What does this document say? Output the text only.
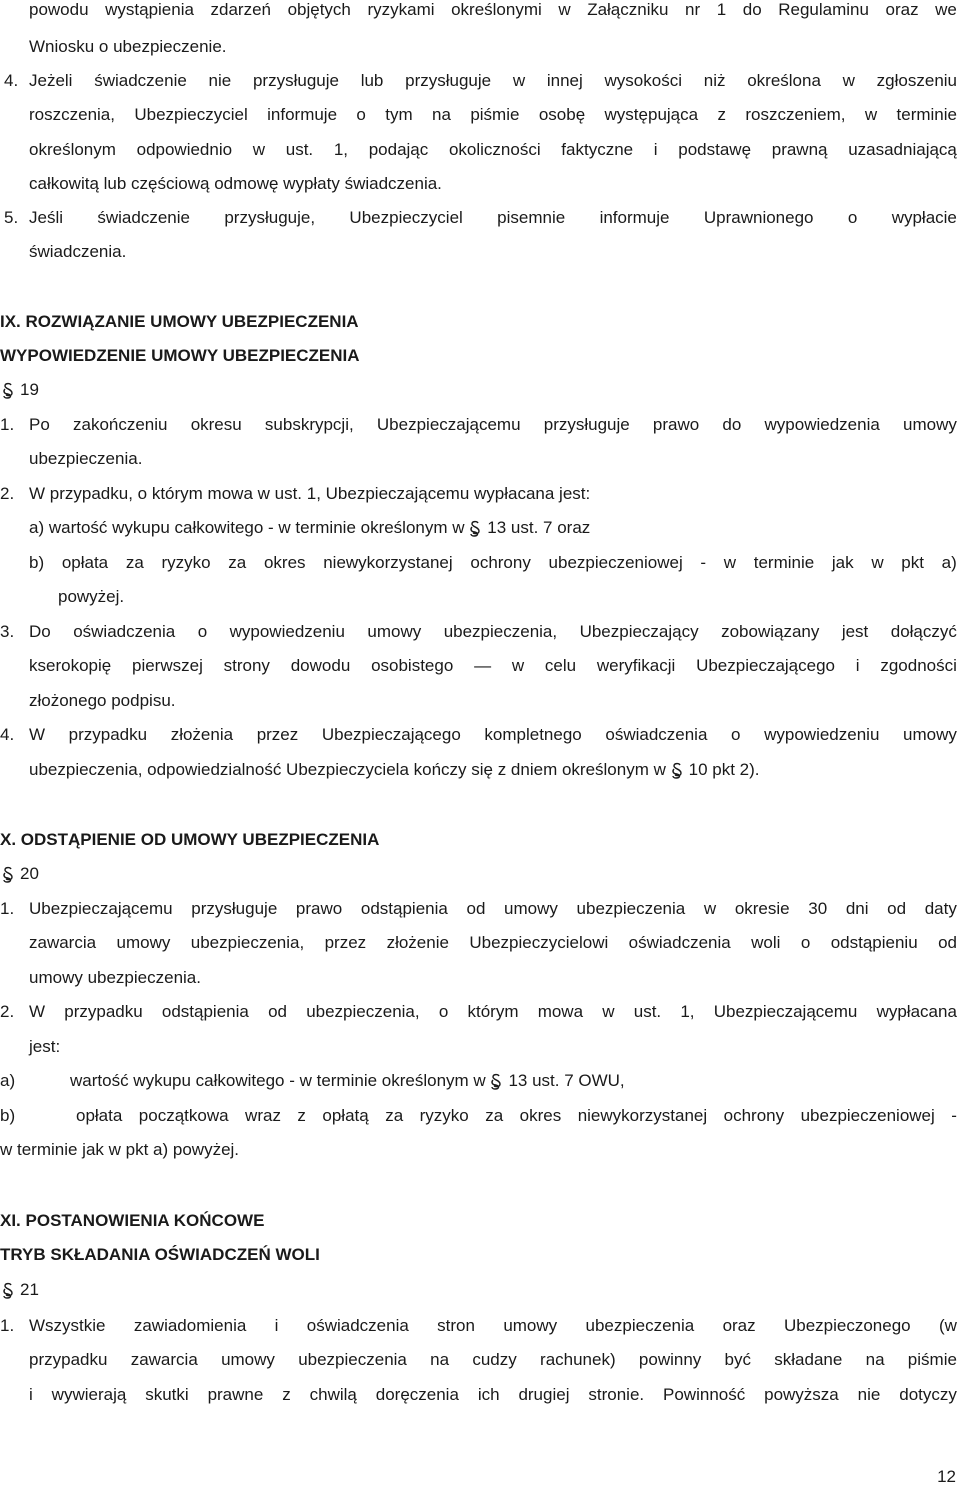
powodu wystąpienia zdarzeń objętych ryzykami określonymi w Załączniku nr 1 do Regulaminu oraz we
Wniosku o ubezpieczenie.
4. Jeżeli świadczenie nie przysługuje lub przysługuje w innej wysokości niż określona w zgłoszeniu
roszczenia, Ubezpieczyciel informuje o tym na piśmie osobę występująca z roszczeniem, w terminie
określonym odpowiednio w ust. 1, podając okoliczności faktyczne i podstawę prawną uzasadniającą
całkowitą lub częściową odmowę wypłaty świadczenia.
5. Jeśli świadczenie przysługuje, Ubezpieczyciel pisemnie informuje Uprawnionego o wypłacie
świadczenia.
IX. ROZWIĄZANIE UMOWY UBEZPIECZENIA
WYPOWIEDZENIE UMOWY UBEZPIECZENIA
19
1. Po zakończeniu okresu subskrypcji, Ubezpieczającemu przysługuje prawo do wypowiedzenia umowy
ubezpieczenia.
2. W przypadku, o którym mowa w ust. 1, Ubezpieczającemu wypłacana jest:
a) wartość wykupu całkowitego - w terminie określonym w 13 ust. 7 oraz
b) opłata za ryzyko za okres niewykorzystanej ochrony ubezpieczeniowej - w terminie jak w pkt a)
powyżej.
3. Do oświadczenia o wypowiedzeniu umowy ubezpieczenia, Ubezpieczający zobowiązany jest dołączyć
kserokopię pierwszej strony dowodu osobistego — w celu weryfikacji Ubezpieczającego i zgodności
złożonego podpisu.
4. W przypadku złożenia przez Ubezpieczającego kompletnego oświadczenia o wypowiedzeniu umowy
ubezpieczenia, odpowiedzialność Ubezpieczyciela kończy się z dniem określonym w 10 pkt 2).
X. ODSTĄPIENIE OD UMOWY UBEZPIECZENIA
20
1. Ubezpieczającemu przysługuje prawo odstąpienia od umowy ubezpieczenia w okresie 30 dni od daty
zawarcia umowy ubezpieczenia, przez złożenie Ubezpieczycielowi oświadczenia woli o odstąpieniu od
umowy ubezpieczenia.
2. W przypadku odstąpienia od ubezpieczenia, o którym mowa w ust. 1, Ubezpieczającemu wypłacana
jest:
a)	wartość wykupu całkowitego - w terminie określonym w 13 ust. 7 OWU,
b)	opłata początkowa wraz z opłatą za ryzyko za okres niewykorzystanej ochrony ubezpieczeniowej -
w terminie jak w pkt a) powyżej.
XI. POSTANOWIENIA KOŃCOWE
TRYB SKŁADANIA OŚWIADCZEŃ WOLI
21
1. Wszystkie zawiadomienia i oświadczenia stron umowy ubezpieczenia oraz Ubezpieczonego (w
przypadku zawarcia umowy ubezpieczenia na cudzy rachunek) powinny być składane na piśmie
i wywierają skutki prawne z chwilą doręczenia ich drugiej stronie. Powinność powyższa nie dotyczy
12
